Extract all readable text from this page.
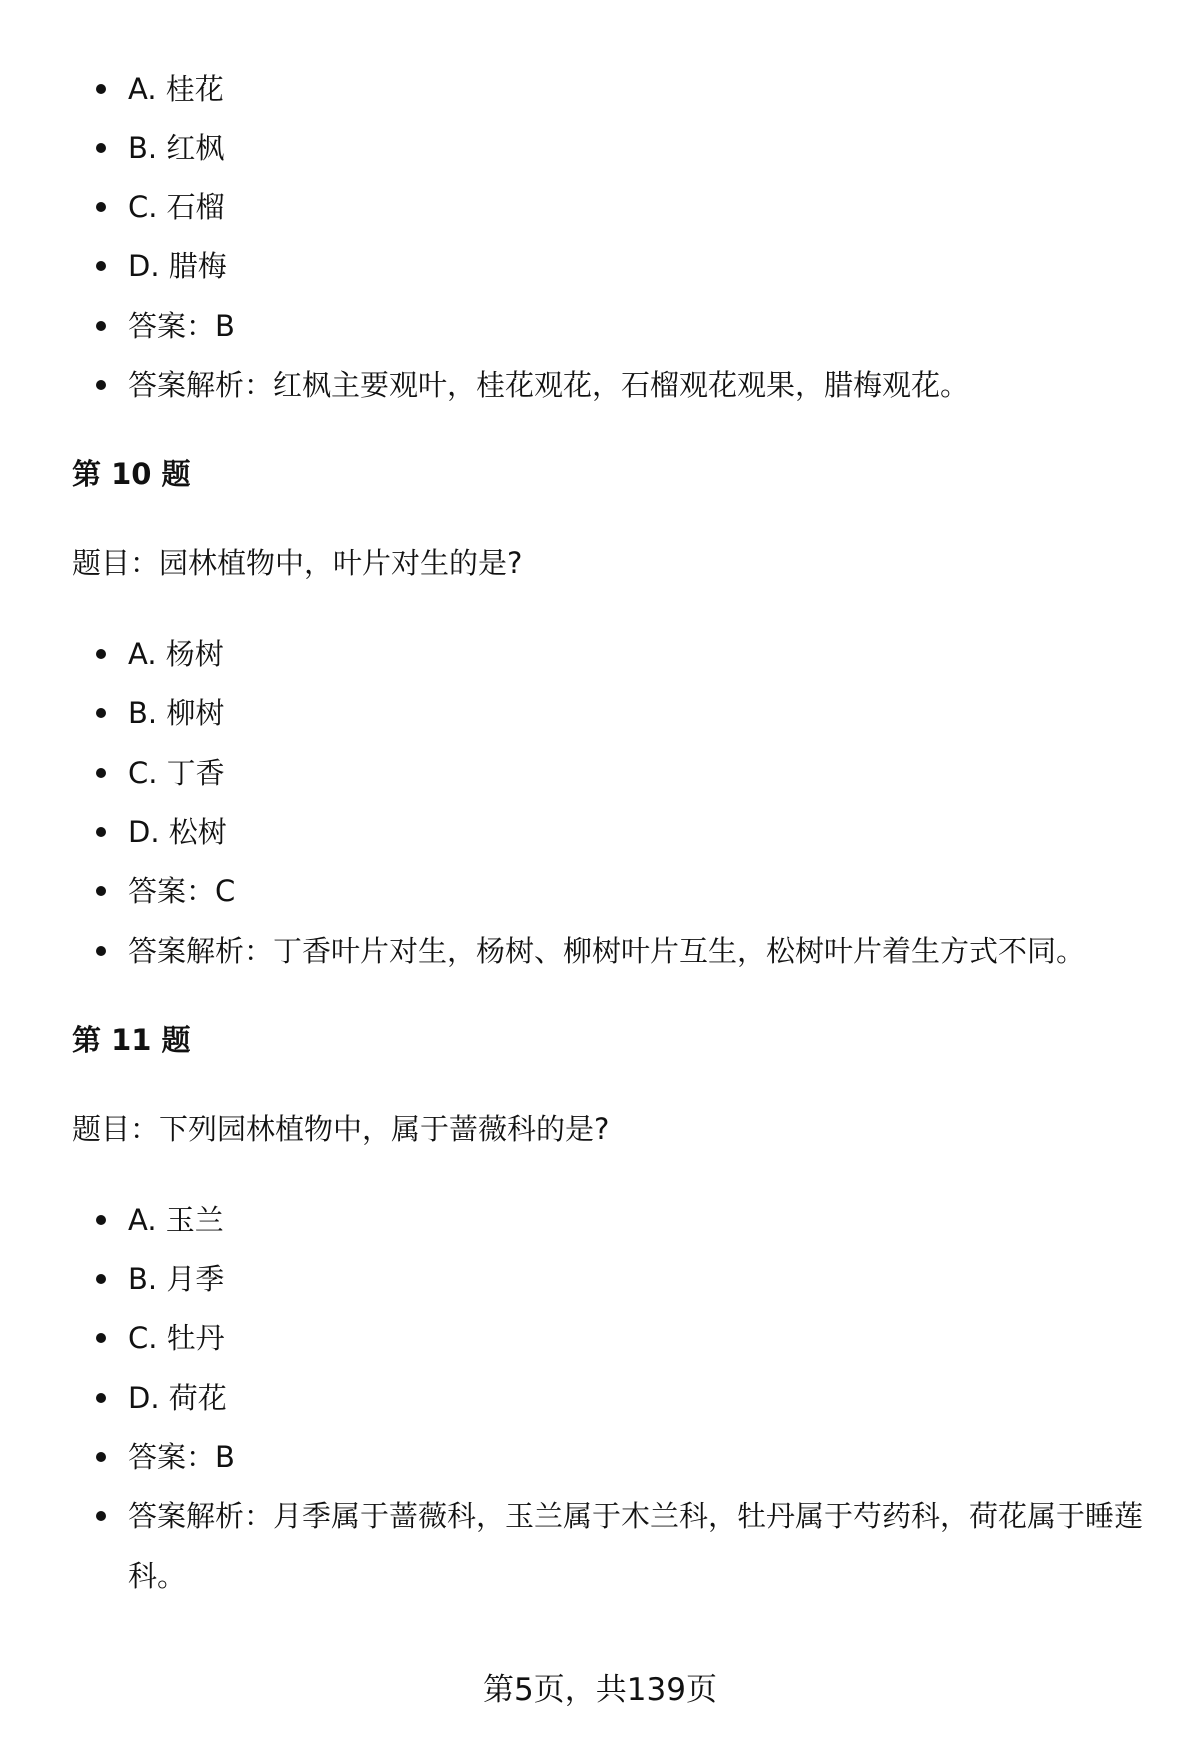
A. 桂花
B. 红枫
C. 石榴
D. 腊梅
答案：B
答案解析：红枫主要观叶，桂花观花，石榴观花观果，腊梅观花。
第 10 题
题目：园林植物中，叶片对生的是?
A. 杨树
B. 柳树
C. 丁香
D. 松树
答案：C
答案解析：丁香叶片对生，杨树、柳树叶片互生，松树叶片着生方式不同。
第 11 题
题目：下列园林植物中，属于蔷薇科的是?
A. 玉兰
B. 月季
C. 牡丹
D. 荷花
答案：B
答案解析：月季属于蔷薇科，玉兰属于木兰科，牡丹属于芍药科，荷花属于睡莲科。
第5页，共139页
